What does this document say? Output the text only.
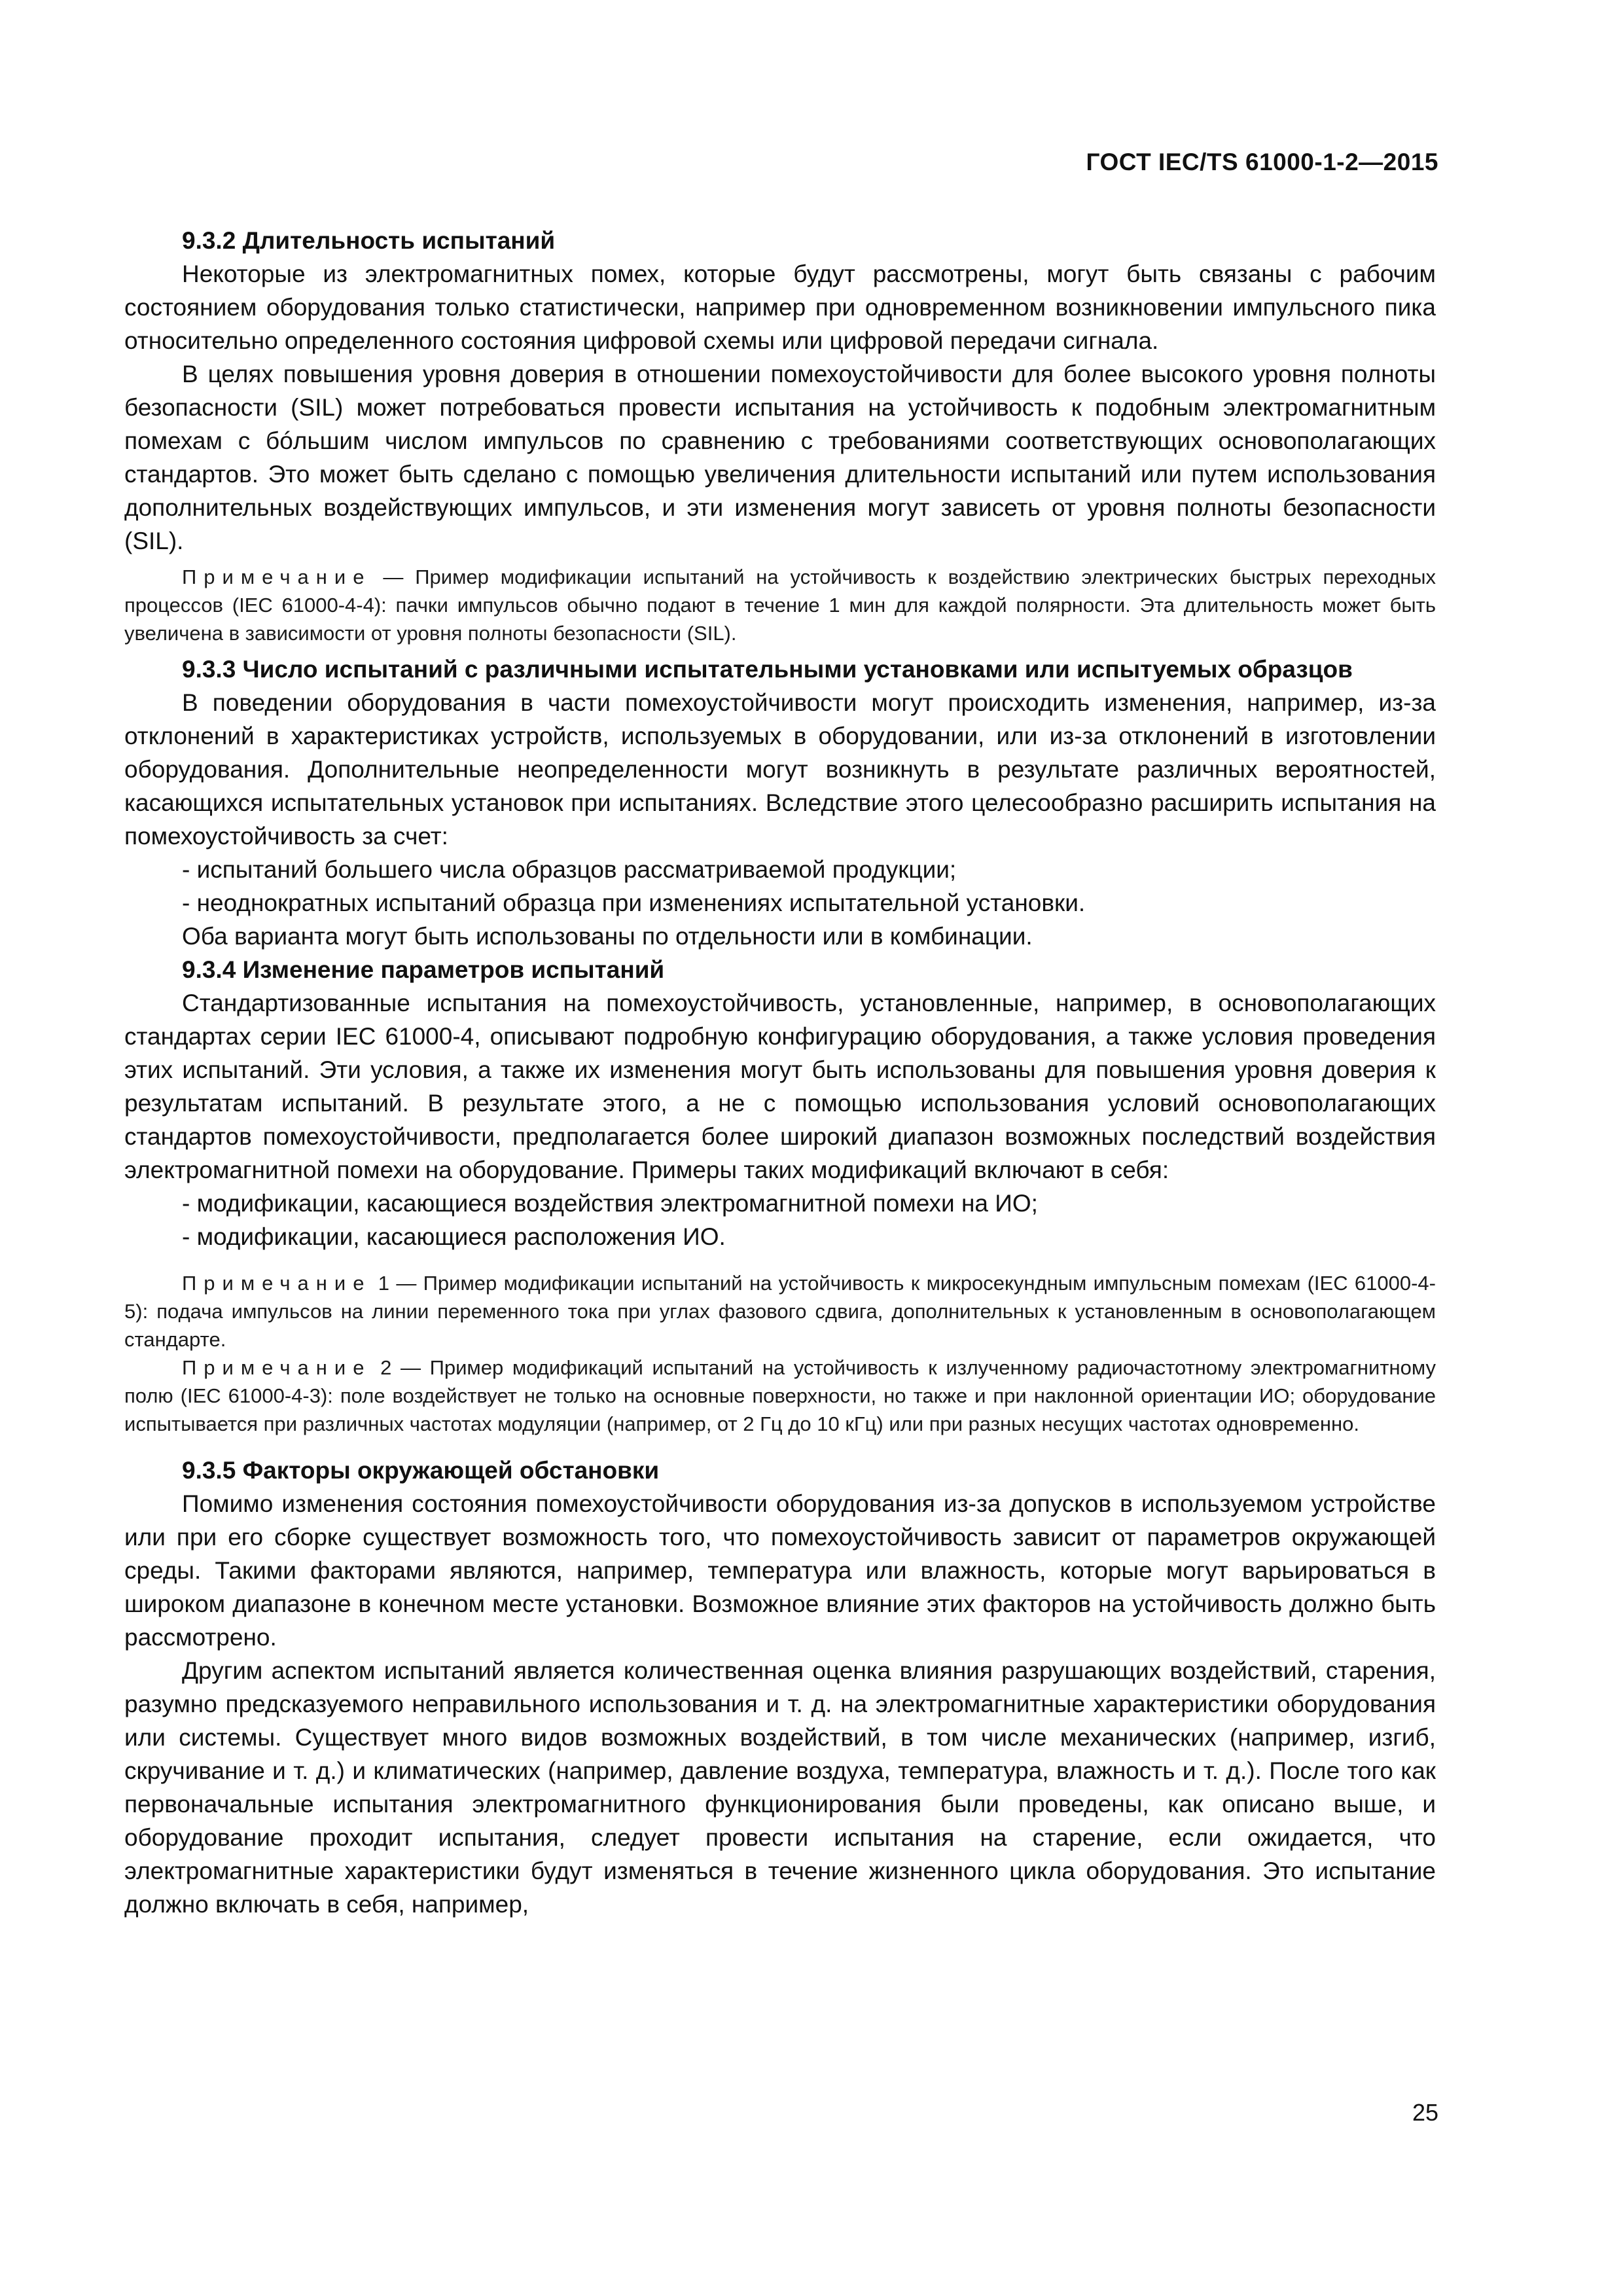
ГОСТ IEC/TS 61000-1-2—2015

9.3.2 Длительность испытаний

Некоторые из электромагнитных помех, которые будут рассмотрены, могут быть связаны с рабочим состоянием оборудования только статистически, например при одновременном возникновении импульсного пика относительно определенного состояния цифровой схемы или цифровой передачи сигнала.

В целях повышения уровня доверия в отношении помехоустойчивости для более высокого уровня полноты безопасности (SIL) может потребоваться провести испытания на устойчивость к подобным электромагнитным помехам с бóльшим числом импульсов по сравнению с требованиями соответствующих основополагающих стандартов. Это может быть сделано с помощью увеличения длительности испытаний или путем использования дополнительных воздействующих импульсов, и эти изменения могут зависеть от уровня полноты безопасности (SIL).

Примечание — Пример модификации испытаний на устойчивость к воздействию электрических быстрых переходных процессов (IEC 61000-4-4): пачки импульсов обычно подают в течение 1 мин для каждой полярности. Эта длительность может быть увеличена в зависимости от уровня полноты безопасности (SIL).

9.3.3 Число испытаний с различными испытательными установками или испытуемых образцов

В поведении оборудования в части помехоустойчивости могут происходить изменения, например, из-за отклонений в характеристиках устройств, используемых в оборудовании, или из-за отклонений в изготовлении оборудования. Дополнительные неопределенности могут возникнуть в результате различных вероятностей, касающихся испытательных установок при испытаниях. Вследствие этого целесообразно расширить испытания на помехоустойчивость за счет:

- испытаний большего числа образцов рассматриваемой продукции;

- неоднократных испытаний образца при изменениях испытательной установки.

Оба варианта могут быть использованы по отдельности или в комбинации.

9.3.4 Изменение параметров испытаний

Стандартизованные испытания на помехоустойчивость, установленные, например, в основополагающих стандартах серии IEC 61000-4, описывают подробную конфигурацию оборудования, а также условия проведения этих испытаний. Эти условия, а также их изменения могут быть использованы для повышения уровня доверия к результатам испытаний. В результате этого, а не с помощью использования условий основополагающих стандартов помехоустойчивости, предполагается более широкий диапазон возможных последствий воздействия электромагнитной помехи на оборудование. Примеры таких модификаций включают в себя:

- модификации, касающиеся воздействия электромагнитной помехи на ИО;

- модификации, касающиеся расположения ИО.

Примечание 1 — Пример модификации испытаний на устойчивость к микросекундным импульсным помехам (IEC 61000-4-5): подача импульсов на линии переменного тока при углах фазового сдвига, дополнительных к установленным в основополагающем стандарте.

Примечание 2 — Пример модификаций испытаний на устойчивость к излученному радиочастотному электромагнитному полю (IEC 61000-4-3): поле воздействует не только на основные поверхности, но также и при наклонной ориентации ИО; оборудование испытывается при различных частотах модуляции (например, от 2 Гц до 10 кГц) или при разных несущих частотах одновременно.

9.3.5 Факторы окружающей обстановки

Помимо изменения состояния помехоустойчивости оборудования из-за допусков в используемом устройстве или при его сборке существует возможность того, что помехоустойчивость зависит от параметров окружающей среды. Такими факторами являются, например, температура или влажность, которые могут варьироваться в широком диапазоне в конечном месте установки. Возможное влияние этих факторов на устойчивость должно быть рассмотрено.

Другим аспектом испытаний является количественная оценка влияния разрушающих воздействий, старения, разумно предсказуемого неправильного использования и т. д. на электромагнитные характеристики оборудования или системы. Существует много видов возможных воздействий, в том числе механических (например, изгиб, скручивание и т. д.) и климатических (например, давление воздуха, температура, влажность и т. д.). После того как первоначальные испытания электромагнитного функционирования были проведены, как описано выше, и оборудование проходит испытания, следует провести испытания на старение, если ожидается, что электромагнитные характеристики будут изменяться в течение жизненного цикла оборудования. Это испытание должно включать в себя, например,

25
